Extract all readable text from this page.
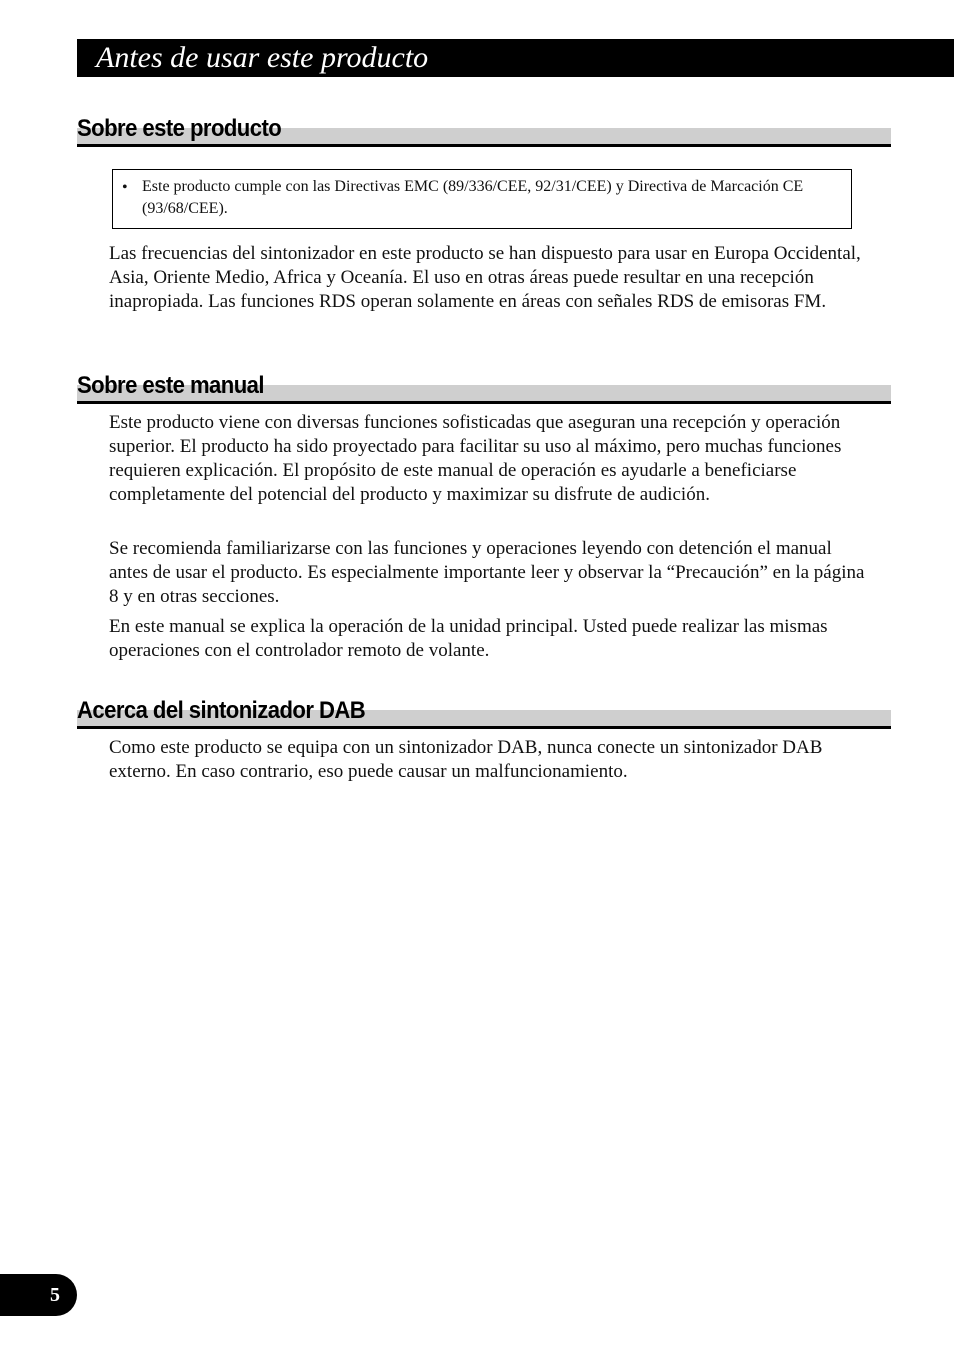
Antes de usar este producto
Sobre este producto
• Este producto cumple con las Directivas EMC (89/336/CEE, 92/31/CEE) y Directiva de Marcación CE (93/68/CEE).

Las frecuencias del sintonizador en este producto se han dispuesto para usar en Europa Occidental, Asia, Oriente Medio, Africa y Oceanía. El uso en otras áreas puede resultar en una recepción inapropiada. Las funciones RDS operan solamente en áreas con señales RDS de emisoras FM.

Sobre este manual

Este producto viene con diversas funciones sofisticadas que aseguran una recepción y operación superior. El producto ha sido proyectado para facilitar su uso al máximo, pero muchas funciones requieren explicación. El propósito de este manual de operación es ayudarle a beneficiarse completamente del potencial del producto y maximizar su disfrute de audición.

Se recomienda familiarizarse con las funciones y operaciones leyendo con detención el manual antes de usar el producto. Es especialmente importante leer y observar la “Precaución” en la página 8 y en otras secciones.

En este manual se explica la operación de la unidad principal. Usted puede realizar las mismas operaciones con el controlador remoto de volante.

Acerca del sintonizador DAB

Como este producto se equipa con un sintonizador DAB, nunca conecte un sintonizador DAB externo. En caso contrario, eso puede causar un malfuncionamiento.

5
